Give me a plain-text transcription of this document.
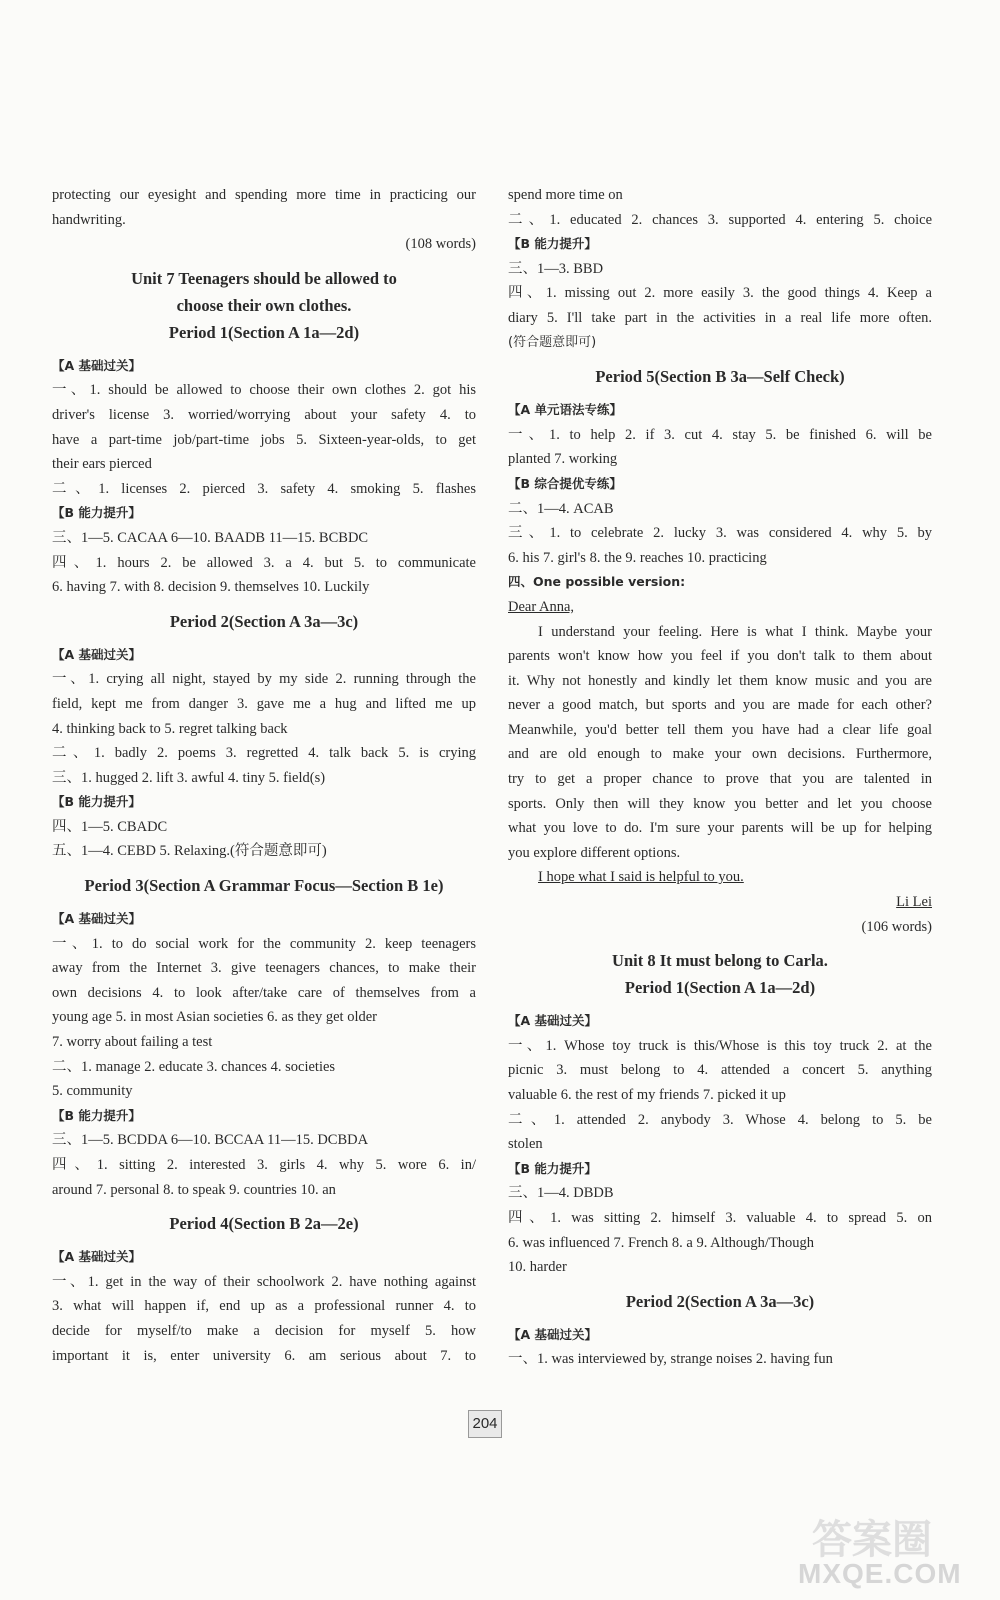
protecting our eyesight and spending more time in practicing our
handwriting.
(108 words)
Unit 7 Teenagers should be allowed to
choose their own clothes.
Period 1(Section A 1a—2d)
【A 基础过关】
一、1. should be allowed to choose their own clothes 2. got his
driver's license 3. worried/worrying about your safety 4. to
have a part-time job/part-time jobs 5. Sixteen-year-olds, to get
their ears pierced
二、1. licenses 2. pierced 3. safety 4. smoking 5. flashes
【B 能力提升】
三、1—5. CACAA 6—10. BAADB 11—15. BCBDC
四、1. hours 2. be allowed 3. a 4. but 5. to communicate
6. having 7. with 8. decision 9. themselves 10. Luckily
Period 2(Section A 3a—3c)
【A 基础过关】
一、1. crying all night, stayed by my side 2. running through the
field, kept me from danger 3. gave me a hug and lifted me up
4. thinking back to 5. regret talking back
二、1. badly 2. poems 3. regretted 4. talk back 5. is crying
三、1. hugged 2. lift 3. awful 4. tiny 5. field(s)
【B 能力提升】
四、1—5. CBADC
五、1—4. CEBD 5. Relaxing.(符合题意即可)
Period 3(Section A Grammar Focus—Section B 1e)
【A 基础过关】
一、1. to do social work for the community 2. keep teenagers
away from the Internet 3. give teenagers chances, to make their
own decisions 4. to look after/take care of themselves from a
young age 5. in most Asian societies 6. as they get older
7. worry about failing a test
二、1. manage 2. educate 3. chances 4. societies
5. community
【B 能力提升】
三、1—5. BCDDA 6—10. BCCAA 11—15. DCBDA
四、1. sitting 2. interested 3. girls 4. why 5. wore 6. in/
around 7. personal 8. to speak 9. countries 10. an
Period 4(Section B 2a—2e)
【A 基础过关】
一、1. get in the way of their schoolwork 2. have nothing against
3. what will happen if, end up as a professional runner 4. to
decide for myself/to make a decision for myself 5. how
important it is, enter university 6. am serious about 7. to
spend more time on
二、1. educated 2. chances 3. supported 4. entering 5. choice
【B 能力提升】
三、1—3. BBD
四、1. missing out 2. more easily 3. the good things 4. Keep a
diary 5. I'll take part in the activities in a real life more often.
(符合题意即可)
Period 5(Section B 3a—Self Check)
【A 单元语法专练】
一、1. to help 2. if 3. cut 4. stay 5. be finished 6. will be
planted 7. working
【B 综合提优专练】
二、1—4. ACAB
三、1. to celebrate 2. lucky 3. was considered 4. why 5. by
6. his 7. girl's 8. the 9. reaches 10. practicing
四、One possible version:
Dear Anna,
I understand your feeling. Here is what I think. Maybe your
parents won't know how you feel if you don't talk to them about
it. Why not honestly and kindly let them know music and you are
never a good match, but sports and you are made for each other?
Meanwhile, you'd better tell them you have had a clear life goal
and are old enough to make your own decisions. Furthermore,
try to get a proper chance to prove that you are talented in
sports. Only then will they know you better and let you choose
what you love to do. I'm sure your parents will be up for helping
you explore different options.
I hope what I said is helpful to you.
Li Lei
(106 words)
Unit 8 It must belong to Carla.
Period 1(Section A 1a—2d)
【A 基础过关】
一、1. Whose toy truck is this/Whose is this toy truck 2. at the
picnic 3. must belong to 4. attended a concert 5. anything
valuable 6. the rest of my friends 7. picked it up
二、1. attended 2. anybody 3. Whose 4. belong to 5. be
stolen
【B 能力提升】
三、1—4. DBDB
四、1. was sitting 2. himself 3. valuable 4. to spread 5. on
6. was influenced 7. French 8. a 9. Although/Though
10. harder
Period 2(Section A 3a—3c)
【A 基础过关】
一、1. was interviewed by, strange noises 2. having fun
204
答案圈
MXQE.COM
